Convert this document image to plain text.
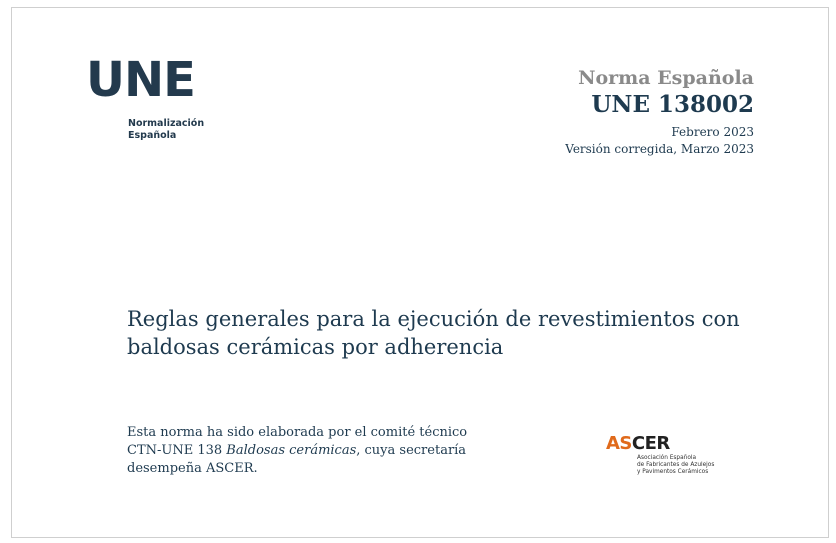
UNE
Normalización
Española
Norma Española
UNE 138002
Febrero 2023
Versión corregida, Marzo 2023
Reglas generales para la ejecución de revestimientos con
baldosas cerámicas por adherencia
Esta norma ha sido elaborada por el comité técnico
CTN-UNE 138 Baldosas cerámicas, cuya secretaría
desempeña ASCER.
ASCER
Asociación Española
de Fabricantes de Azulejos
y Pavimentos Cerámicos
